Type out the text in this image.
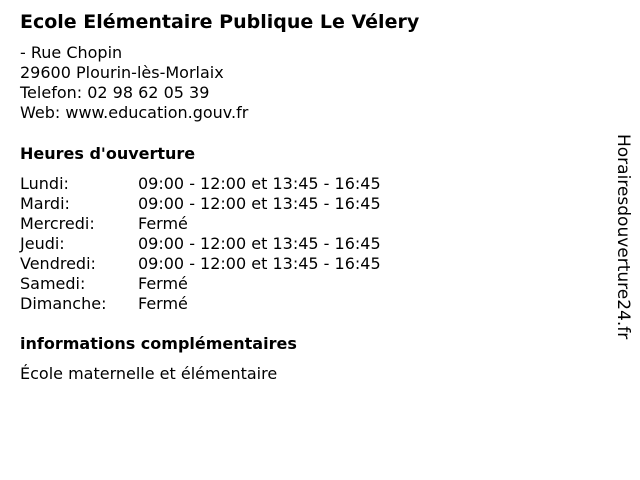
Ecole Elémentaire Publique Le Vélery
- Rue Chopin
29600 Plourin-lès-Morlaix
Telefon: 02 98 62 05 39
Web: www.education.gouv.fr
Heures d'ouverture
Lundi:	09:00 - 12:00 et 13:45 - 16:45
Mardi:	09:00 - 12:00 et 13:45 - 16:45
Mercredi:	Fermé
Jeudi:	09:00 - 12:00 et 13:45 - 16:45
Vendredi:	09:00 - 12:00 et 13:45 - 16:45
Samedi:	Fermé
Dimanche: Fermé
informations complémentaires
École maternelle et élémentaire
Horairesdouverture24.fr
